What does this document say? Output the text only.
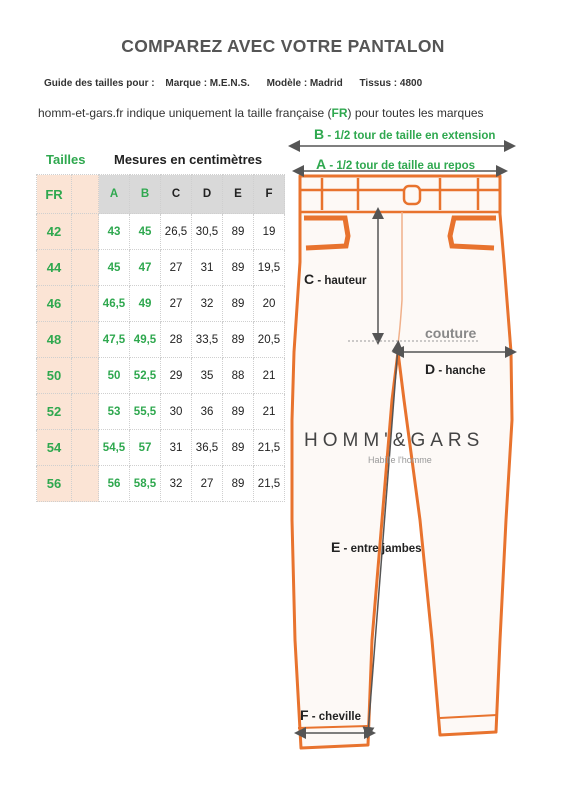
COMPAREZ AVEC VOTRE PANTALON
Guide des tailles pour : Marque : M.E.N.S. Modèle : Madrid Tissus : 4800
homm-et-gars.fr indique uniquement la taille française (FR) pour toutes les marques
Tailles Mesures en centimètres
FR		A	B	C	D	E	F
42		43	45	26,5	30,5	89	19
44		45	47	27	31	89	19,5
46		46,5	49	27	32	89	20
48		47,5	49,5	28	33,5	89	20,5
50		50	52,5	29	35	88	21
52		53	55,5	30	36	89	21
54		54,5	57	31	36,5	89	21,5
56		56	58,5	32	27	89	21,5
B - 1/2 tour de taille en extension
A - 1/2 tour de taille au repos
C - hauteur
couture
D - hanche
HOMM'&GARS
Habille l'homme
E - entre jambes
F - cheville
